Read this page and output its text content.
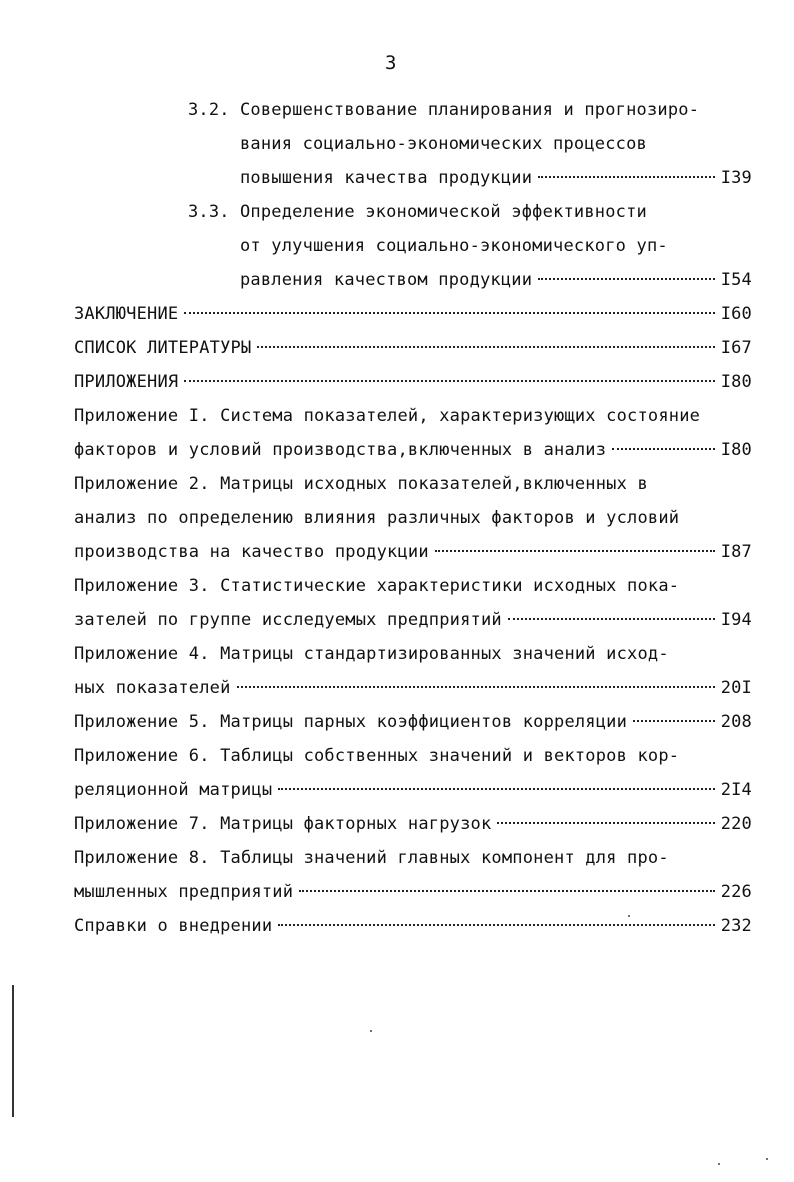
3
3.2. Совершенствование планирования и прогнозиро-
вания социально-экономических процессов
повышения качества продукции	I39
3.3. Определение экономической эффективности
от улучшения социально-экономического уп-
равления качеством продукции	I54
ЗАКЛЮЧЕНИЕ	I60
СПИСОК ЛИТЕРАТУРЫ	I67
ПРИЛОЖЕНИЯ	I80
Приложение I. Система показателей, характеризующих состояние
факторов и условий производства,включенных в анализ	I80
Приложение 2. Матрицы исходных показателей,включенных в
анализ по определению влияния различных факторов и условий
производства на качество продукции	I87
Приложение 3. Статистические характеристики исходных пока-
зателей по группе исследуемых предприятий	I94
Приложение 4. Матрицы стандартизированных значений исход-
ных показателей	20I
Приложение 5. Матрицы парных коэффициентов корреляции	208
Приложение 6. Таблицы собственных значений и векторов кор-
реляционной матрицы	2I4
Приложение 7. Матрицы факторных нагрузок	220
Приложение 8. Таблицы значений главных компонент для про-
мышленных предприятий	226
Справки о внедрении	232
